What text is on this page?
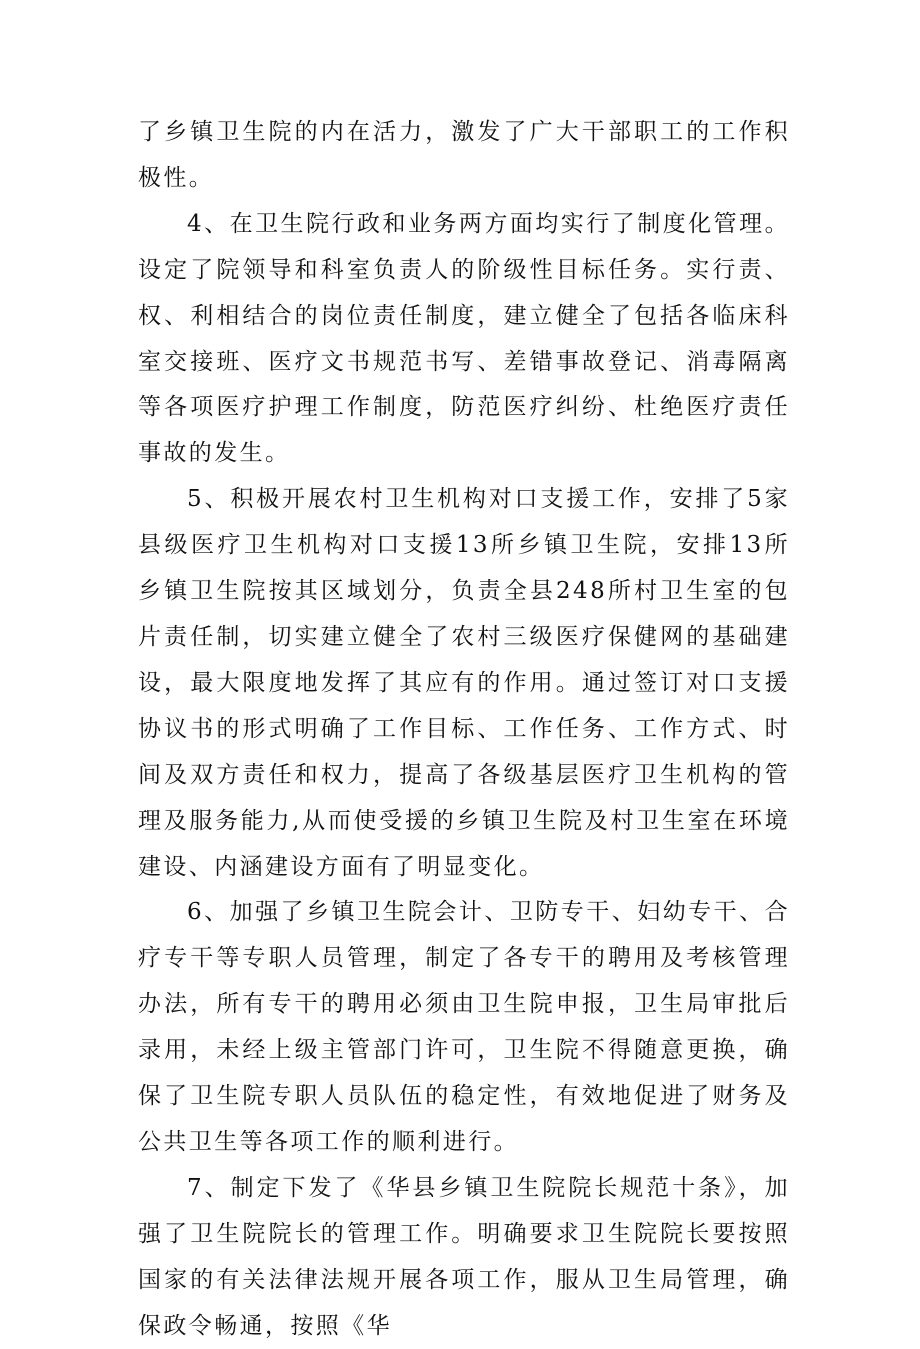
了乡镇卫生院的内在活力，激发了广大干部职工的工作积极性。

4、在卫生院行政和业务两方面均实行了制度化管理。设定了院领导和科室负责人的阶级性目标任务。实行责、权、利相结合的岗位责任制度，建立健全了包括各临床科室交接班、医疗文书规范书写、差错事故登记、消毒隔离等各项医疗护理工作制度，防范医疗纠纷、杜绝医疗责任事故的发生。

5、积极开展农村卫生机构对口支援工作，安排了5家县级医疗卫生机构对口支援13所乡镇卫生院，安排13所乡镇卫生院按其区域划分，负责全县248所村卫生室的包片责任制，切实建立健全了农村三级医疗保健网的基础建设，最大限度地发挥了其应有的作用。通过签订对口支援协议书的形式明确了工作目标、工作任务、工作方式、时间及双方责任和权力，提高了各级基层医疗卫生机构的管理及服务能力,从而使受援的乡镇卫生院及村卫生室在环境建设、内涵建设方面有了明显变化。

6、加强了乡镇卫生院会计、卫防专干、妇幼专干、合疗专干等专职人员管理，制定了各专干的聘用及考核管理办法，所有专干的聘用必须由卫生院申报，卫生局审批后录用，未经上级主管部门许可，卫生院不得随意更换，确保了卫生院专职人员队伍的稳定性，有效地促进了财务及公共卫生等各项工作的顺利进行。

7、制定下发了《华县乡镇卫生院院长规范十条》，加强了卫生院院长的管理工作。明确要求卫生院院长要按照国家的有关法律法规开展各项工作，服从卫生局管理，确保政令畅通，按照《华
